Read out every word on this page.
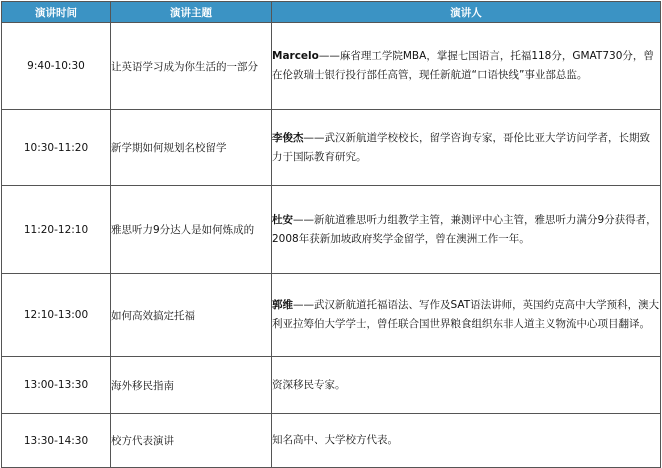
演讲时间	演讲主题	演讲人
9:40-10:30	让英语学习成为你生活的一部分	Marcelo——麻省理工学院MBA，掌握七国语言，托福118分，GMAT730分，曾在伦敦瑞士银行投行部任高管，现任新航道“口语快线”事业部总监。
10:30-11:20	新学期如何规划名校留学	李俊杰——武汉新航道学校校长，留学咨询专家，哥伦比亚大学访问学者，长期致力于国际教育研究。
11:20-12:10	雅思听力9分达人是如何炼成的	杜安——新航道雅思听力组教学主管，兼测评中心主管，雅思听力满分9分获得者，2008年获新加坡政府奖学金留学，曾在澳洲工作一年。
12:10-13:00	如何高效搞定托福	郭维——武汉新航道托福语法、写作及SAT语法讲师，英国约克高中大学预科，澳大利亚拉筹伯大学学士，曾任联合国世界粮食组织东非人道主义物流中心项目翻译。
13:00-13:30	海外移民指南	资深移民专家。
13:30-14:30	校方代表演讲	知名高中、大学校方代表。
